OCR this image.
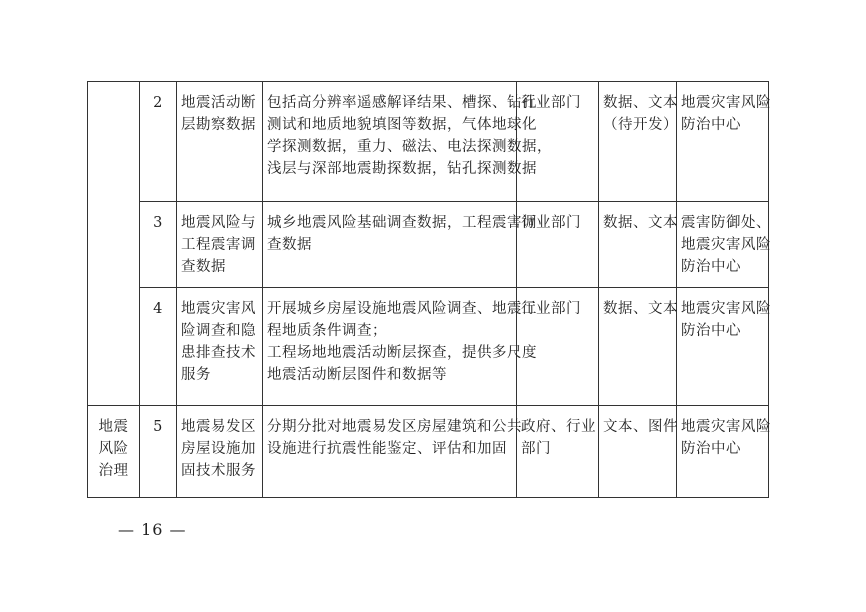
	2	地震活动断
层勘察数据	包括高分辨率遥感解译结果、槽探、钻孔
测试和地质地貌填图等数据，气体地球化
学探测数据，重力、磁法、电法探测数据，
浅层与深部地震勘探数据，钻孔探测数据	行业部门	数据、文本
（待开发）	地震灾害风险
防治中心

	3	地震风险与
工程震害调
查数据	城乡地震风险基础调查数据，工程震害调
查数据	行业部门	数据、文本	震害防御处、
地震灾害风险
防治中心

	4	地震灾害风
险调查和隐
患排查技术
服务	开展城乡房屋设施地震风险调查、地震工
程地质条件调查；
工程场地地震活动断层探查，提供多尺度
地震活动断层图件和数据等	行业部门	数据、文本	地震灾害风险
防治中心

地震
风险
治理	5	地震易发区
房屋设施加
固技术服务	分期分批对地震易发区房屋建筑和公共
设施进行抗震性能鉴定、评估和加固	政府、行业
部门	文本、图件	地震灾害风险
防治中心
— 16 —
